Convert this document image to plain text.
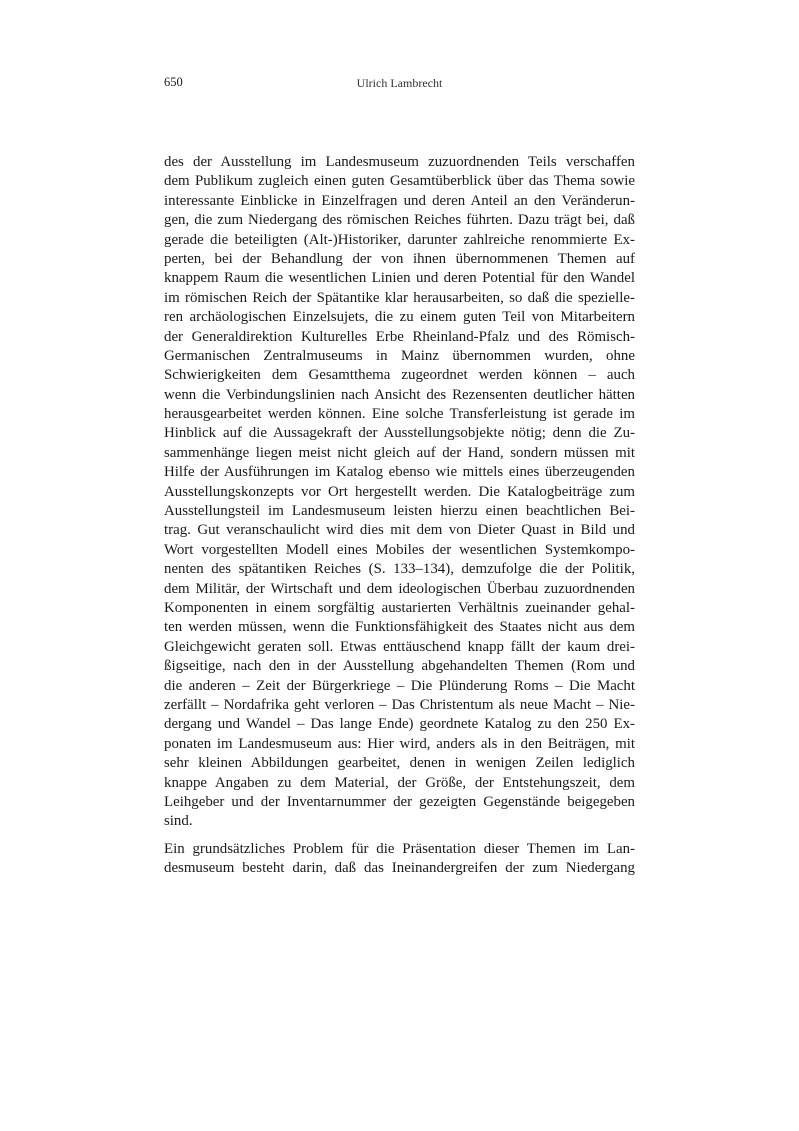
650	Ulrich Lambrecht
des der Ausstellung im Landesmuseum zuzuordnenden Teils verschaffen
dem Publikum zugleich einen guten Gesamtüberblick über das Thema sowie
interessante Einblicke in Einzelfragen und deren Anteil an den Veränderun-
gen, die zum Niedergang des römischen Reiches führten. Dazu trägt bei, daß
gerade die beteiligten (Alt-)Historiker, darunter zahlreiche renommierte Ex-
perten, bei der Behandlung der von ihnen übernommenen Themen auf
knappem Raum die wesentlichen Linien und deren Potential für den Wandel
im römischen Reich der Spätantike klar herausarbeiten, so daß die spezielle-
ren archäologischen Einzelsujets, die zu einem guten Teil von Mitarbeitern
der Generaldirektion Kulturelles Erbe Rheinland-Pfalz und des Römisch-
Germanischen Zentralmuseums in Mainz übernommen wurden, ohne
Schwierigkeiten dem Gesamtthema zugeordnet werden können – auch
wenn die Verbindungslinien nach Ansicht des Rezensenten deutlicher hätten
herausgearbeitet werden können. Eine solche Transferleistung ist gerade im
Hinblick auf die Aussagekraft der Ausstellungsobjekte nötig; denn die Zu-
sammenhänge liegen meist nicht gleich auf der Hand, sondern müssen mit
Hilfe der Ausführungen im Katalog ebenso wie mittels eines überzeugenden
Ausstellungskonzepts vor Ort hergestellt werden. Die Katalogbeiträge zum
Ausstellungsteil im Landesmuseum leisten hierzu einen beachtlichen Bei-
trag. Gut veranschaulicht wird dies mit dem von Dieter Quast in Bild und
Wort vorgestellten Modell eines Mobiles der wesentlichen Systemkompo-
nenten des spätantiken Reiches (S. 133–134), demzufolge die der Politik,
dem Militär, der Wirtschaft und dem ideologischen Überbau zuzuordnenden
Komponenten in einem sorgfältig austarierten Verhältnis zueinander gehal-
ten werden müssen, wenn die Funktionsfähigkeit des Staates nicht aus dem
Gleichgewicht geraten soll. Etwas enttäuschend knapp fällt der kaum drei-
ßigseitige, nach den in der Ausstellung abgehandelten Themen (Rom und
die anderen – Zeit der Bürgerkriege – Die Plünderung Roms – Die Macht
zerfällt – Nordafrika geht verloren – Das Christentum als neue Macht – Nie-
dergang und Wandel – Das lange Ende) geordnete Katalog zu den 250 Ex-
ponaten im Landesmuseum aus: Hier wird, anders als in den Beiträgen, mit
sehr kleinen Abbildungen gearbeitet, denen in wenigen Zeilen lediglich
knappe Angaben zu dem Material, der Größe, der Entstehungszeit, dem
Leihgeber und der Inventarnummer der gezeigten Gegenstände beigegeben
sind.
Ein grundsätzliches Problem für die Präsentation dieser Themen im Lan-
desmuseum besteht darin, daß das Ineinandergreifen der zum Niedergang
